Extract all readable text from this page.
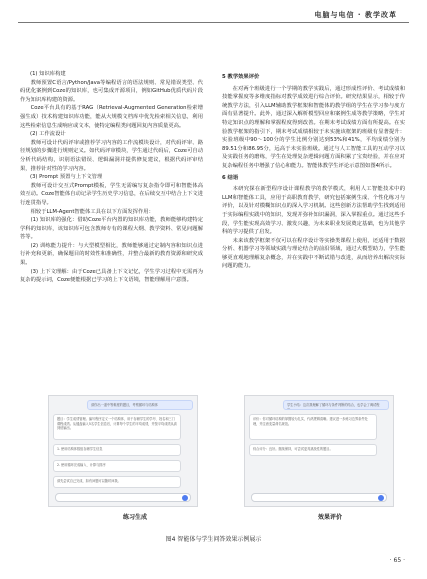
电脑与电信 · 教学改革

(1) 知识库构建

教师预置C语言/Python/Java等编程语言的语法规则、常见错误类型、代码优化案例到Coze的知识库，也可集成开源项目，例如GitHub优质代码片段作为知识库构建的资源。

Coze平台具有的基于RAG（Retrieval-Augmented Generation检索增强生成）技术构建知识库功能，能从大规模文档库中优先检索相关信息，利用这些检索信息生成响应或文本，使特定编程类问题回复内容质量更高。

(2) 工作流设计

教师可设计代码评审或推荐学习内容的工作流模块设计，对代码评审、路径规划的步骤进行规则定义。如代码评审模块，学生通过代码后，Coze可自动分析代码结构，识别语法错误、逻辑漏洞并提供修复建议，根据代码评审结果，推荐针对性的学习内容。

(3) Prompt 预置与上下文管理

教师可设计交互式Prompt模板，学生无需编写复杂指令即可和智能体高效互动。Coze智能体自动记录学生历史学习信息，在后续交互中结合上下文进行连贯指导。

相较于LLM-Agent智能体工具在以下方面发挥作用：

(1) 知识库的强化：借助Coze平台内置的知识库功能，教师能够构建特定学科的知识库，该知识库可包含教师专有的课程大纲、教学资料、常见问题解答等。

(2) 训练能力提升：与大型模型相比，教师能够通过定制内容和知识点进行补充和更新，确保题目的时效性和准确性，并整合最新的教育资源和研究成果。

(3) 上下文理解：由于Coze已具备上下文记忆，学生学习过程中无需再为复杂的提示词，Coze便能根据已学习的上下文语境，智能理解用户意图。

5 教学效果评价

在对两个班级进行一个学期的教学实践后，通过形成性评价、考试成绩和技能掌握度等多维度指标对教学成效进行综合评价。研究结果显示，相较于传统教学方法，引入LLM辅助教学框架和智能体的教学组的学生在学习参与度方面有显著提升。此外，通过深入解析模型回应和案例生成等教学策略，学生对特定知识点的理解和掌握程度得到改善。在期末考试成绩方面有所提高。在实验教学框架的指引下，期末考试成绩相较于未实施该框架的班级有显著提升：实验班级中90～100分的学生比例分别达到53%和41%，平均成绩分别为89.51分和86.95分，远高于未实验班级。通过与人工智能工具的互动学习以及实践任务的磨练，学生在处理复杂逻辑问题方面积累了宝贵经验，并在应对复杂编程任务中增强了信心和能力。智能体教学生评论示意图如图4所示。

6 结语

本研究探在新型程序设计课程教学的教学模式，利用人工智能技术中的LLM和智能体工具，应用于高职教育教学，研究包括案例生成、个性化练习与评价，以及针对模糊知识点的深入学习机制。这些创新方法帮助学生找到适用于实际编程实践中的知识，发现并弥补知识漏洞，深入掌握重点。通过这些手段，学生能实现高效学习、激发兴趣，为未来职业发展奠定基础，也为其他学科的学习提供了启发。

未来该教学框架不仅可以在程序设计等实操类课程上使用，还适用于数据分析、机器学习等领域实践与理论结合的前沿领域，通过大模型助力，学生能够更直观地理解复杂概念，并在实践中不断试错与改进，从而培养出解决实际问题的能力。

请你出一道中等难度的题目，考察循环与结构体
题目：学生成绩管理。编写程序定义一个结构体，用于存储学生的学号、姓名和三门课程成绩。从键盘输入5名学生信息后，计算每个学生的平均成绩，并按平均成绩从高到低输出。
1. 使用结构体数组存储学生信息
2. 使用循环完成输入、计算与排序
请先尝试自己完成，如有问题可以随时问我。
学生小结：这次我理解了循环与条件判断的结合，也学会了调试程序。
评价：你对循环结构的掌握较为扎实，代码逻辑清晰。建议进一步练习边界条件处理，并注意变量命名规范。
综合评分：良好。继续保持，可尝试更具挑战性的题目。
练习生成	效果评价
图4 智能体与学生问答效果示例展示
· 65 ·
